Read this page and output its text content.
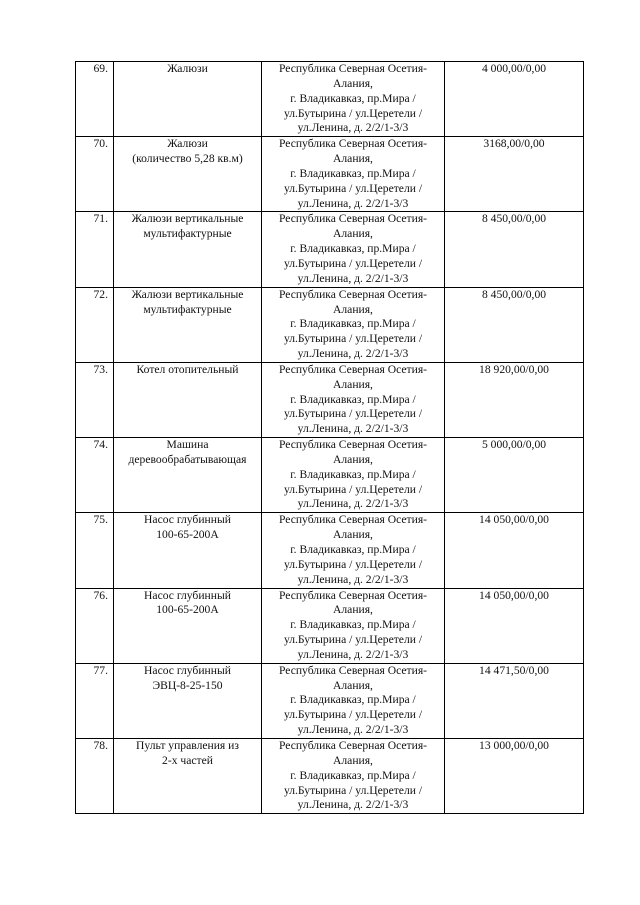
69.	Жалюзи	Республика Северная Осетия-
Алания,
г. Владикавказ, пр.Мира /
ул.Бутырина / ул.Церетели /
ул.Ленина, д. 2/2/1-3/3	4 000,00/0,00

70.	Жалюзи
(количество 5,28 кв.м)	Республика Северная Осетия-
Алания,
г. Владикавказ, пр.Мира /
ул.Бутырина / ул.Церетели /
ул.Ленина, д. 2/2/1-3/3	3168,00/0,00

71.	Жалюзи вертикальные
мультифактурные	Республика Северная Осетия-
Алания,
г. Владикавказ, пр.Мира /
ул.Бутырина / ул.Церетели /
ул.Ленина, д. 2/2/1-3/3	8 450,00/0,00

72.	Жалюзи вертикальные
мультифактурные	Республика Северная Осетия-
Алания,
г. Владикавказ, пр.Мира /
ул.Бутырина / ул.Церетели /
ул.Ленина, д. 2/2/1-3/3	8 450,00/0,00

73.	Котел отопительный	Республика Северная Осетия-
Алания,
г. Владикавказ, пр.Мира /
ул.Бутырина / ул.Церетели /
ул.Ленина, д. 2/2/1-3/3	18 920,00/0,00

74.	Машина
деревообрабатывающая	Республика Северная Осетия-
Алания,
г. Владикавказ, пр.Мира /
ул.Бутырина / ул.Церетели /
ул.Ленина, д. 2/2/1-3/3	5 000,00/0,00

75.	Насос глубинный
100-65-200А	Республика Северная Осетия-
Алания,
г. Владикавказ, пр.Мира /
ул.Бутырина / ул.Церетели /
ул.Ленина, д. 2/2/1-3/3	14 050,00/0,00

76.	Насос глубинный
100-65-200А	Республика Северная Осетия-
Алания,
г. Владикавказ, пр.Мира /
ул.Бутырина / ул.Церетели /
ул.Ленина, д. 2/2/1-3/3	14 050,00/0,00

77.	Насос глубинный
ЭВЦ-8-25-150	Республика Северная Осетия-
Алания,
г. Владикавказ, пр.Мира /
ул.Бутырина / ул.Церетели /
ул.Ленина, д. 2/2/1-3/3	14 471,50/0,00

78.	Пульт управления из
2-х частей	Республика Северная Осетия-
Алания,
г. Владикавказ, пр.Мира /
ул.Бутырина / ул.Церетели /
ул.Ленина, д. 2/2/1-3/3	13 000,00/0,00
